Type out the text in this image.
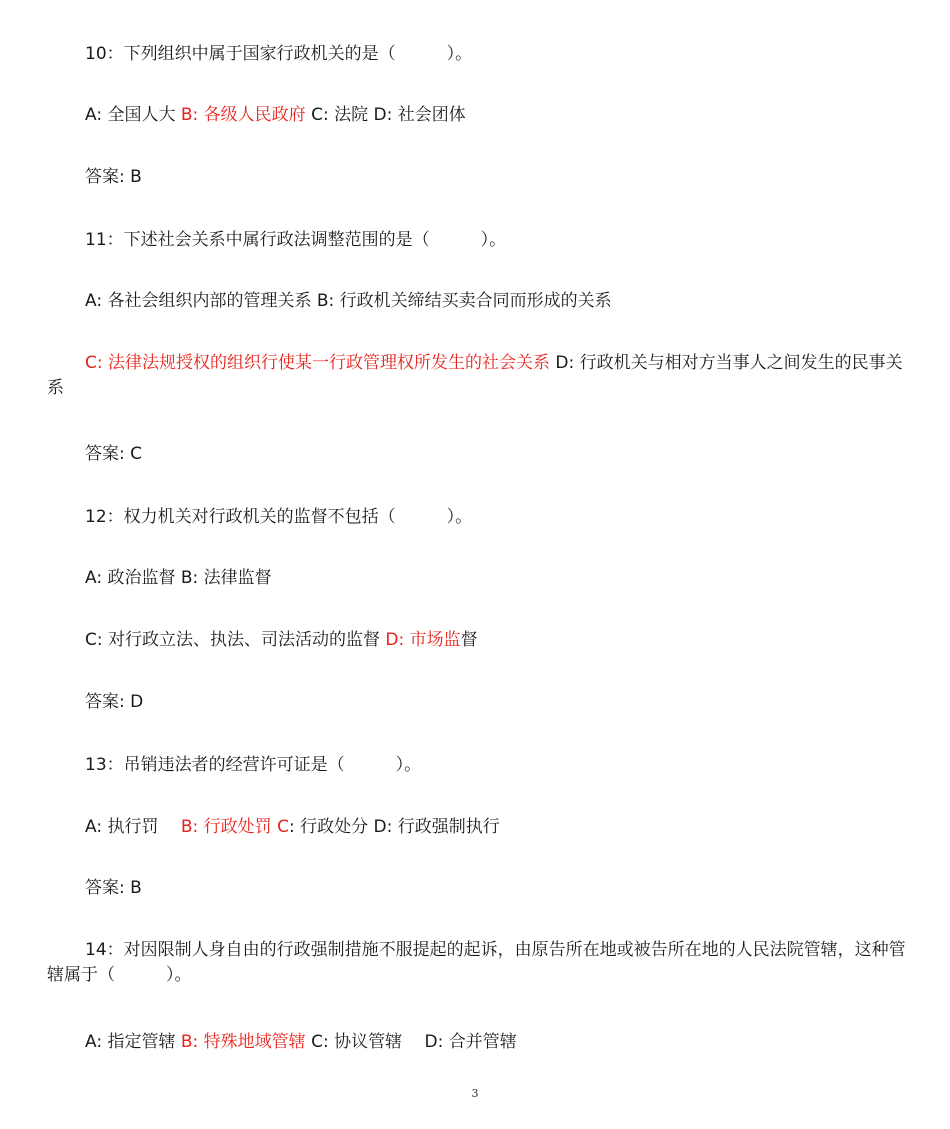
10：下列组织中属于国家行政机关的是（　　　）。
A: 全国人大 B: 各级人民政府 C: 法院 D: 社会团体
答案: B
11：下述社会关系中属行政法调整范围的是（　　　）。
A: 各社会组织内部的管理关系 B: 行政机关缔结买卖合同而形成的关系
C: 法律法规授权的组织行使某一行政管理权所发生的社会关系 D: 行政机关与相对方当事人之间发生的民事关系
答案: C
12：权力机关对行政机关的监督不包括（　　　）。
A: 政治监督 B: 法律监督
C: 对行政立法、执法、司法活动的监督 D: 市场监督
答案: D
13：吊销违法者的经营许可证是（　　　）。
A: 执行罚　 B: 行政处罚 C: 行政处分 D: 行政强制执行
答案: B
14：对因限制人身自由的行政强制措施不服提起的起诉，由原告所在地或被告所在地的人民法院管辖，这种管辖属于（　　　）。
A: 指定管辖 B: 特殊地域管辖 C: 协议管辖　 D: 合并管辖
3
